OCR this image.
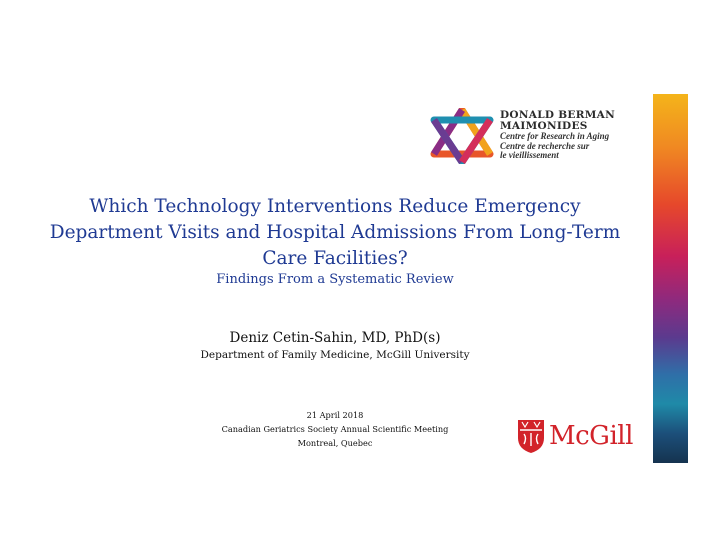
DONALD BERMAN

MAIMONIDES

Centre for Research in Aging

Centre de recherche sur

le vieillissement

Which Technology Interventions Reduce Emergency Department Visits and Hospital Admissions From Long-Term Care Facilities?

Findings From a Systematic Review

Deniz Cetin-Sahin, MD, PhD(s)

Department of Family Medicine, McGill University

21 April 2018
Canadian Geriatrics Society Annual Scientific Meeting
Montreal, Quebec	McGill
